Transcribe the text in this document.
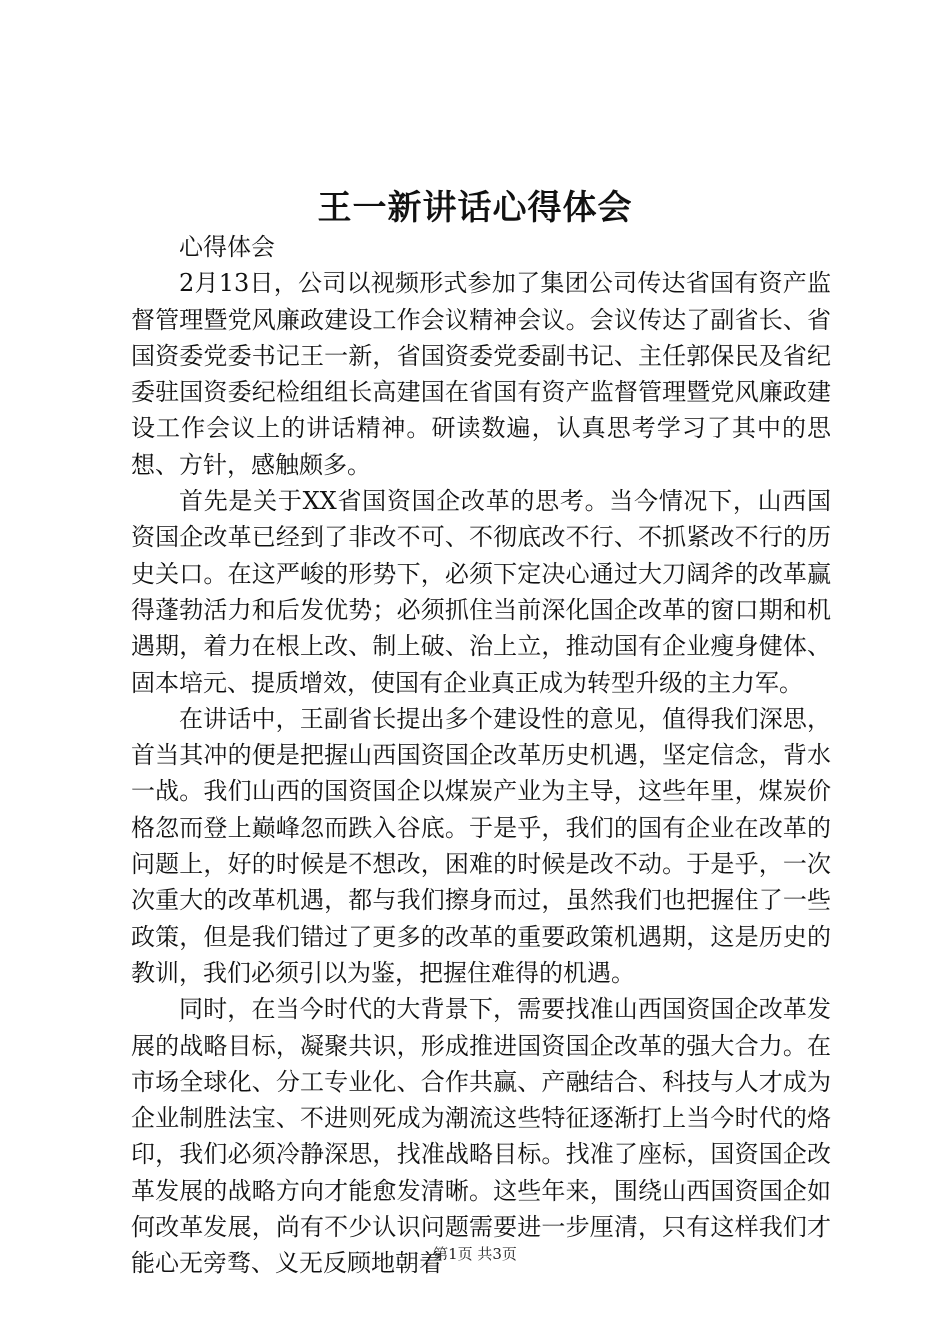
王一新讲话心得体会

心得体会

2月13日，公司以视频形式参加了集团公司传达省国有资产监督管理暨党风廉政建设工作会议精神会议。会议传达了副省长、省国资委党委书记王一新，省国资委党委副书记、主任郭保民及省纪委驻国资委纪检组组长高建国在省国有资产监督管理暨党风廉政建设工作会议上的讲话精神。研读数遍，认真思考学习了其中的思想、方针，感触颇多。

首先是关于XX省国资国企改革的思考。当今情况下，山西国资国企改革已经到了非改不可、不彻底改不行、不抓紧改不行的历史关口。在这严峻的形势下，必须下定决心通过大刀阔斧的改革赢得蓬勃活力和后发优势；必须抓住当前深化国企改革的窗口期和机遇期，着力在根上改、制上破、治上立，推动国有企业瘦身健体、固本培元、提质增效，使国有企业真正成为转型升级的主力军。

在讲话中，王副省长提出多个建设性的意见，值得我们深思，首当其冲的便是把握山西国资国企改革历史机遇，坚定信念，背水一战。我们山西的国资国企以煤炭产业为主导，这些年里，煤炭价格忽而登上巅峰忽而跌入谷底。于是乎，我们的国有企业在改革的问题上，好的时候是不想改，困难的时候是改不动。于是乎，一次次重大的改革机遇，都与我们擦身而过，虽然我们也把握住了一些政策，但是我们错过了更多的改革的重要政策机遇期，这是历史的教训，我们必须引以为鉴，把握住难得的机遇。

同时，在当今时代的大背景下，需要找准山西国资国企改革发展的战略目标，凝聚共识，形成推进国资国企改革的强大合力。在市场全球化、分工专业化、合作共赢、产融结合、科技与人才成为企业制胜法宝、不进则死成为潮流这些特征逐渐打上当今时代的烙印，我们必须冷静深思，找准战略目标。找准了座标，国资国企改革发展的战略方向才能愈发清晰。这些年来，围绕山西国资国企如何改革发展，尚有不少认识问题需要进一步厘清，只有这样我们才能心无旁骛、义无反顾地朝着

第1页 共3页
